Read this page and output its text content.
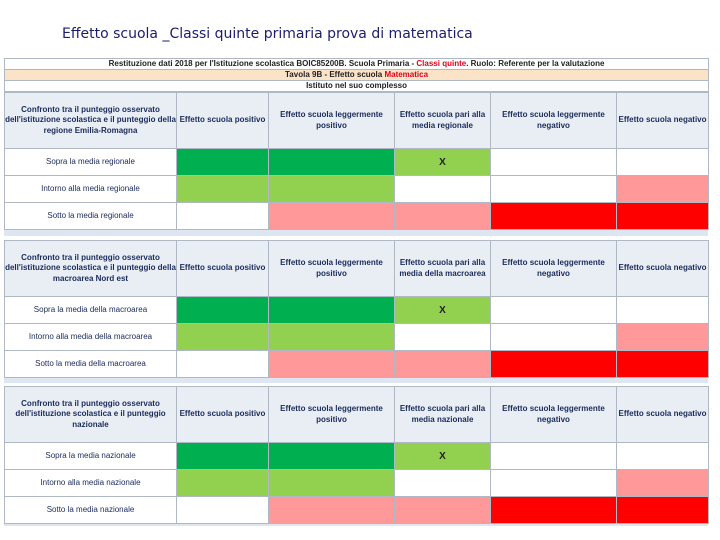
Effetto scuola _Classi quinte primaria prova di matematica
Restituzione dati 2018 per l'Istituzione scolastica BOIC85200B. Scuola Primaria - Classi quinte. Ruolo: Referente per la valutazione
Tavola 9B - Effetto scuola Matematica
Istituto nel suo complesso
Confronto tra il punteggio osservato dell'istituzione scolastica e il punteggio della regione Emilia-Romagna	Effetto scuola positivo	Effetto scuola leggermente positivo	Effetto scuola pari alla media regionale	Effetto scuola leggermente negativo	Effetto scuola negativo
Sopra la media regionale			X		
Intorno alla media regionale					
Sotto la media regionale					
Confronto tra il punteggio osservato dell'istituzione scolastica e il punteggio della macroarea Nord est	Effetto scuola positivo	Effetto scuola leggermente positivo	Effetto scuola pari alla media della macroarea	Effetto scuola leggermente negativo	Effetto scuola negativo
Sopra la media della macroarea			X		
Intorno alla media della macroarea					
Sotto la media della macroarea					
Confronto tra il punteggio osservato dell'istituzione scolastica e il punteggio nazionale	Effetto scuola positivo	Effetto scuola leggermente positivo	Effetto scuola pari alla media nazionale	Effetto scuola leggermente negativo	Effetto scuola negativo
Sopra la media nazionale			X		
Intorno alla media nazionale					
Sotto la media nazionale					
